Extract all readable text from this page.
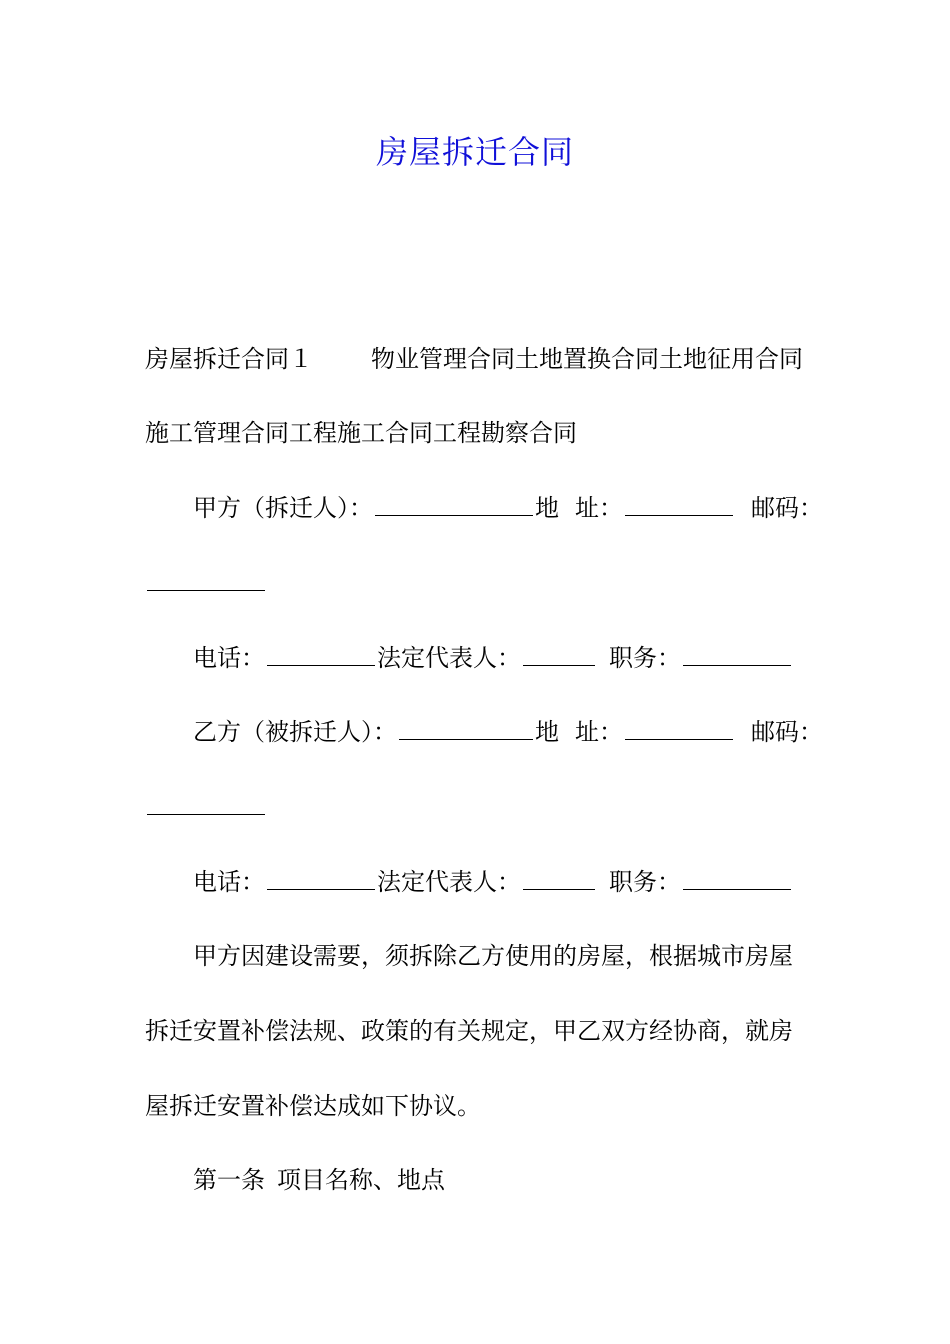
房屋拆迁合同
房屋拆迁合同１ 物业管理合同土地置换合同土地征用合同
施工管理合同工程施工合同工程勘察合同
甲方（拆迁人）：	地 址：	邮码：
电话：	法定代表人：	职务：
乙方（被拆迁人）：	地 址：	邮码：
电话：	法定代表人：	职务：
甲方因建设需要，须拆除乙方使用的房屋，根据城市房屋
拆迁安置补偿法规、政策的有关规定，甲乙双方经协商，就房
屋拆迁安置补偿达成如下协议。
第一条 项目名称、地点
